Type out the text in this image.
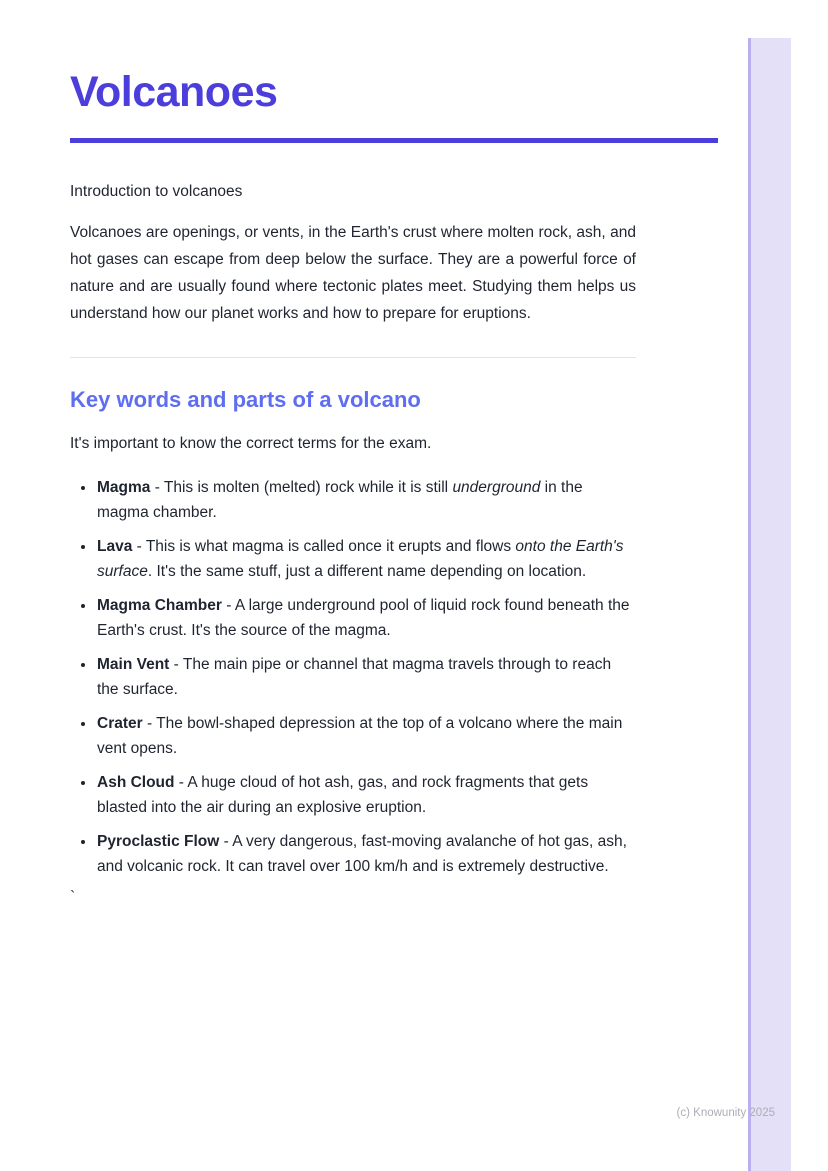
Volcanoes
Introduction to volcanoes

Volcanoes are openings, or vents, in the Earth's crust where molten rock, ash, and hot gases can escape from deep below the surface. They are a powerful force of nature and are usually found where tectonic plates meet. Studying them helps us understand how our planet works and how to prepare for eruptions.

Key words and parts of a volcano

It's important to know the correct terms for the exam.

• Magma - This is molten (melted) rock while it is still underground in the magma chamber.
• Lava - This is what magma is called once it erupts and flows onto the Earth's surface. It's the same stuff, just a different name depending on location.
• Magma Chamber - A large underground pool of liquid rock found beneath the Earth's crust. It's the source of the magma.
• Main Vent - The main pipe or channel that magma travels through to reach the surface.
• Crater - The bowl-shaped depression at the top of a volcano where the main vent opens.
• Ash Cloud - A huge cloud of hot ash, gas, and rock fragments that gets blasted into the air during an explosive eruption.
• Pyroclastic Flow - A very dangerous, fast-moving avalanche of hot gas, ash, and volcanic rock. It can travel over 100 km/h and is extremely destructive.
`
(c) Knowunity 2025
